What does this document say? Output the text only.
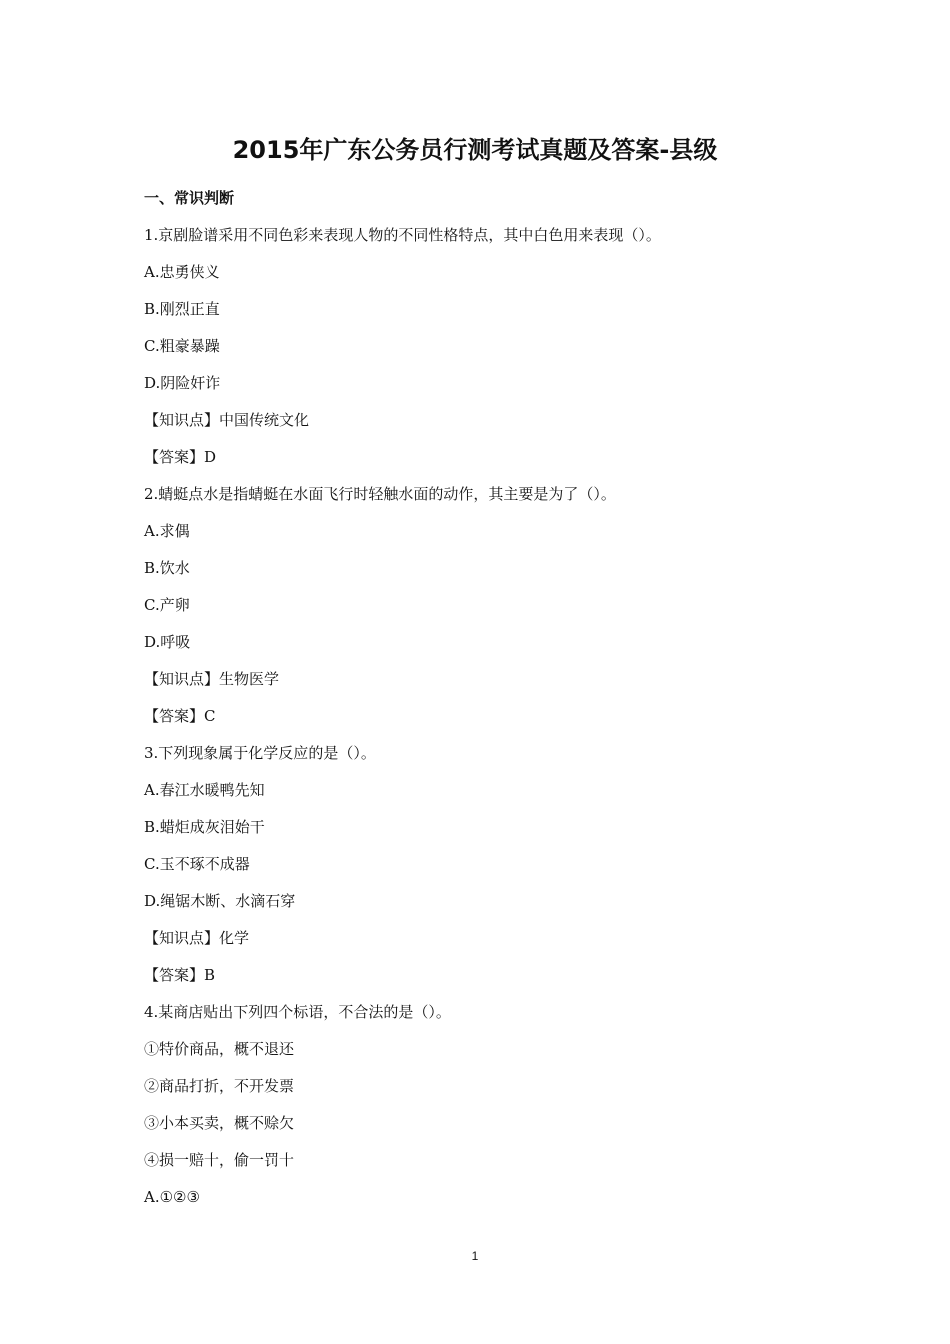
2015年广东公务员行测考试真题及答案-县级
一、常识判断
1.京剧脸谱采用不同色彩来表现人物的不同性格特点，其中白色用来表现（）。
A.忠勇侠义
B.刚烈正直
C.粗豪暴躁
D.阴险奸诈
【知识点】中国传统文化
【答案】D
2.蜻蜓点水是指蜻蜓在水面飞行时轻触水面的动作，其主要是为了（）。
A.求偶
B.饮水
C.产卵
D.呼吸
【知识点】生物医学
【答案】C
3.下列现象属于化学反应的是（）。
A.春江水暖鸭先知
B.蜡炬成灰泪始干
C.玉不琢不成器
D.绳锯木断、水滴石穿
【知识点】化学
【答案】B
4.某商店贴出下列四个标语，不合法的是（）。
①特价商品，概不退还
②商品打折，不开发票
③小本买卖，概不赊欠
④损一赔十，偷一罚十
A.①②③
1
